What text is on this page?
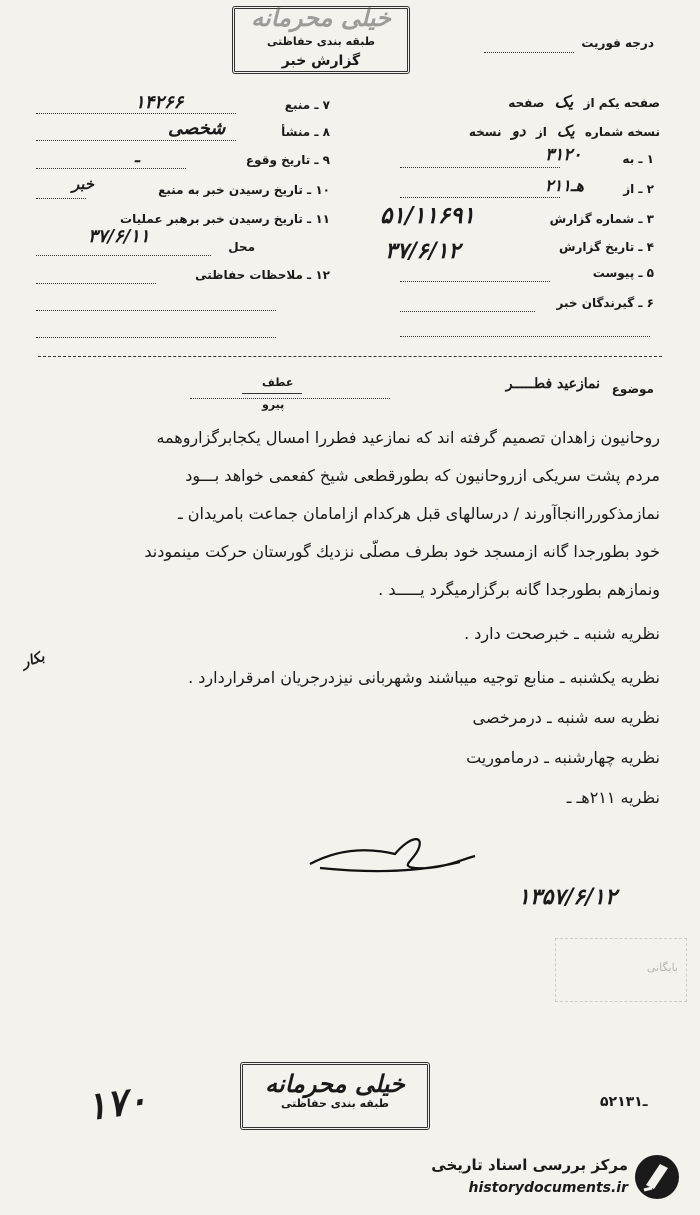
خیلی محرمانه
طبقه بندی حفاظتی
گزارش خبر
درجه فوریت
صفحه یکم از یک صفحه
نسخه شماره یک از دو نسخه
۱ ـ به
۳۱۲۰
۲ ـ از
۲۱۱هـ
۳ ـ شماره گزارش
۵۱/۱۱۶۹۱
۴ ـ تاریخ گزارش
۳۷/۶/۱۲
۵ ـ پیوست
۶ ـ گیرندگان خبر
۷ ـ منبع
۱۴۲۶۶
۸ ـ منشأ
شخصی
۹ ـ تاریخ وقوع
ـ
۱۰ ـ تاریخ رسیدن خبر به منبع
خبر
۱۱ ـ تاریخ رسیدن خبر برهبر عملیات
۳۷/۶/۱۱	محل
۱۲ ـ ملاحظات حفاظتی
موضوع
نمازعید فطـــــر
عطف
پیرو
روحانیون زاهدان تصمیم گرفته اند که نمازعید فطررا امسال یکجابرگزاروهمه
مردم پشت سریکی ازروحانیون که بطورقطعی شیخ کفعمی خواهد بـــود
نمازمذکورراانجاآورند / درسالهای قبل هرکدام ازامامان جماعت بامریدان ـ
خود بطورجدا گانه ازمسجد خود بطرف مصلّی نزدیك گورستان حرکت مینمودند
ونمازهم بطورجدا گانه برگزارمیگرد یـــــد .
نظریه شنبه ـ خبرصحت دارد .
نظریه یکشنبه ـ منابع توجیه میباشند وشهربانی نیزدرجریان امرقراردارد .
نظریه سه شنبه ـ درمرخصی
نظریه چهارشنبه ـ درماموریت
نظریه ۲۱۱هـ ـ
بکار
۱۳۵۷/۶/۱۲
بایگانی
خیلی محرمانه
طبقه بندی حفاظتی	۵۲ـ۱۳۱
۱۷۰
مرکز بررسی اسناد تاریخی
historydocuments.ir
